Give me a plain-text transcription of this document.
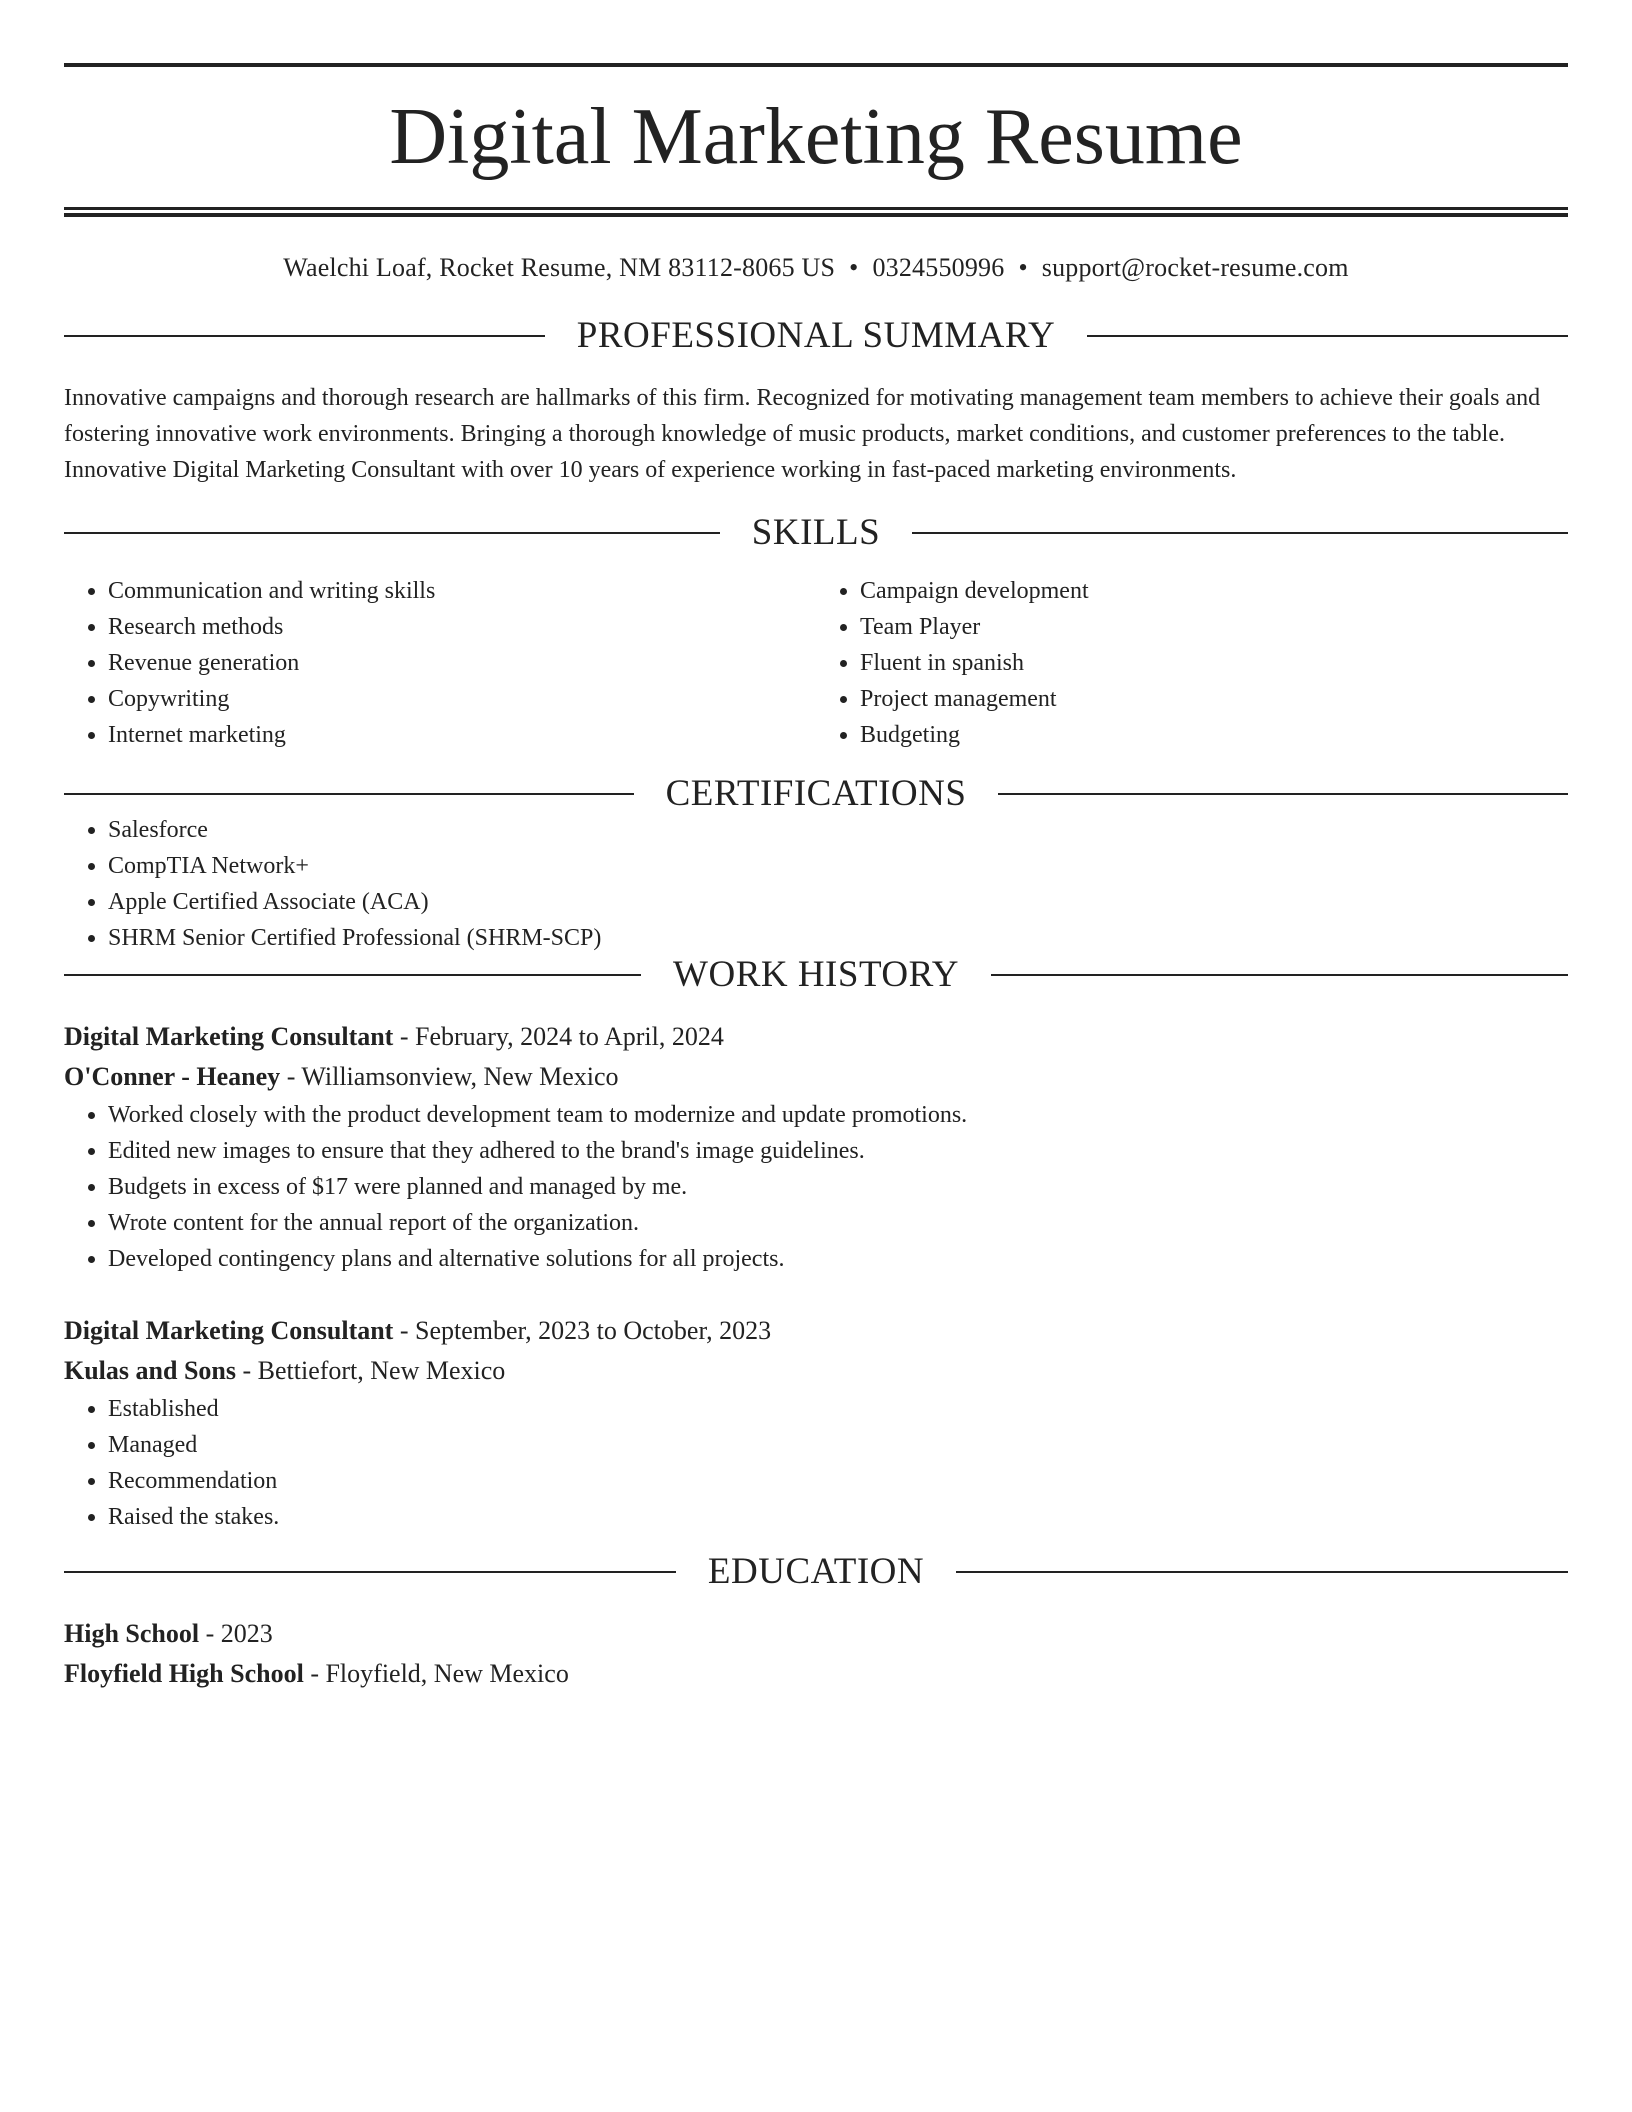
Digital Marketing Resume
Waelchi Loaf, Rocket Resume, NM 83112-8065 US • 0324550996 • support@rocket-resume.com
PROFESSIONAL SUMMARY

Innovative campaigns and thorough research are hallmarks of this firm. Recognized for motivating management team members to achieve their goals and fostering innovative work environments. Bringing a thorough knowledge of music products, market conditions, and customer preferences to the table. Innovative Digital Marketing Consultant with over 10 years of experience working in fast-paced marketing environments.

SKILLS
• Communication and writing skills
• Research methods
• Revenue generation
• Copywriting
• Internet marketing
• Campaign development
• Team Player
• Fluent in spanish
• Project management
• Budgeting
CERTIFICATIONS
• Salesforce
• CompTIA Network+
• Apple Certified Associate (ACA)
• SHRM Senior Certified Professional (SHRM-SCP)
WORK HISTORY
Digital Marketing Consultant - February, 2024 to April, 2024
O'Conner - Heaney - Williamsonview, New Mexico
• Worked closely with the product development team to modernize and update promotions.
• Edited new images to ensure that they adhered to the brand's image guidelines.
• Budgets in excess of $17 were planned and managed by me.
• Wrote content for the annual report of the organization.
• Developed contingency plans and alternative solutions for all projects.
Digital Marketing Consultant - September, 2023 to October, 2023
Kulas and Sons - Bettiefort, New Mexico
• Established
• Managed
• Recommendation
• Raised the stakes.
EDUCATION
High School - 2023
Floyfield High School - Floyfield, New Mexico
